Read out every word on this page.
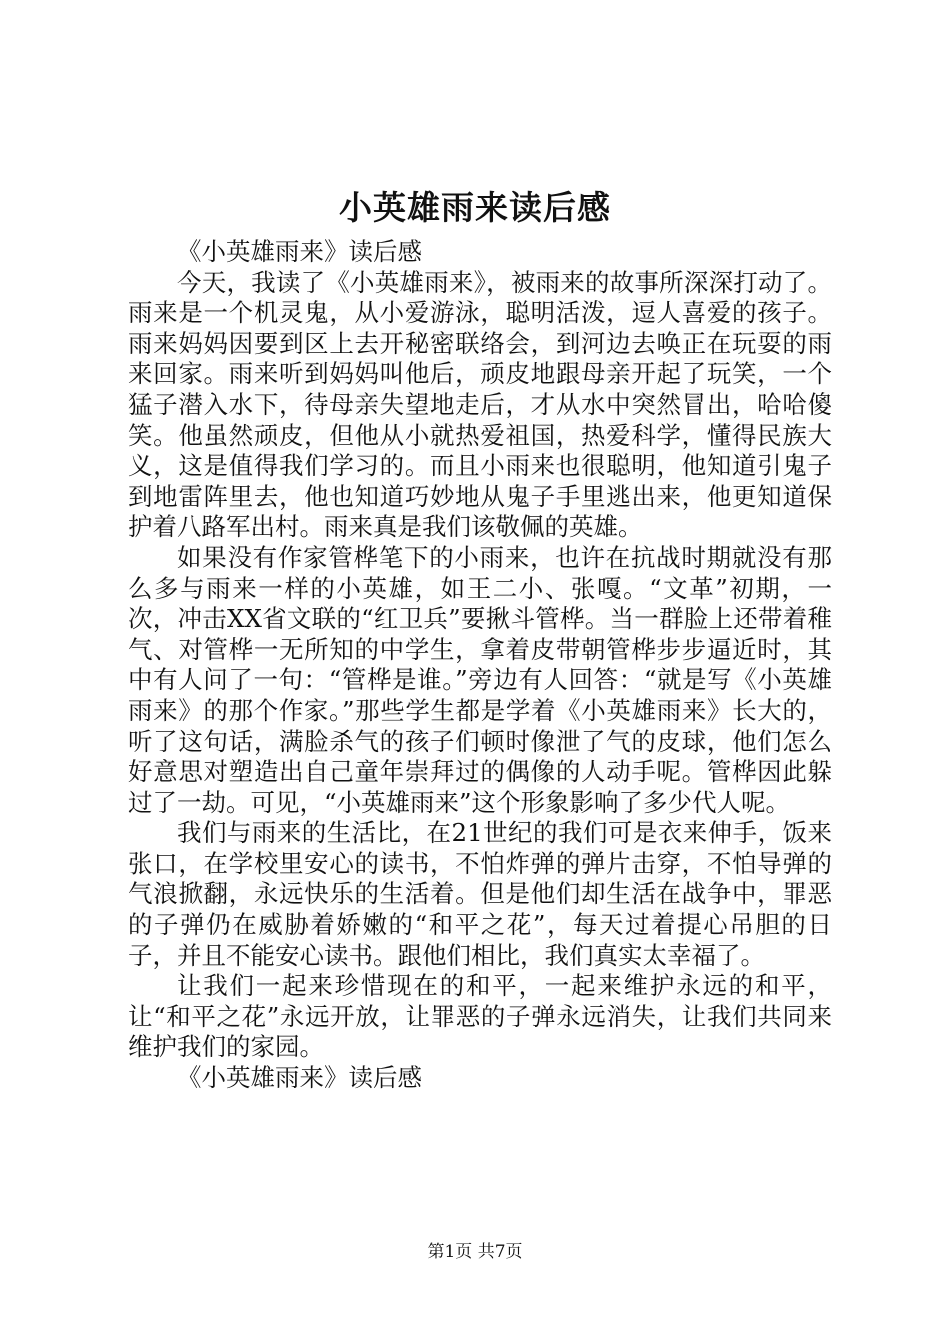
小英雄雨来读后感

《小英雄雨来》读后感

今天，我读了《小英雄雨来》，被雨来的故事所深深打动了。雨来是一个机灵鬼，从小爱游泳，聪明活泼，逗人喜爱的孩子。雨来妈妈因要到区上去开秘密联络会，到河边去唤正在玩耍的雨来回家。雨来听到妈妈叫他后，顽皮地跟母亲开起了玩笑，一个猛子潜入水下，待母亲失望地走后，才从水中突然冒出，哈哈傻笑。他虽然顽皮，但他从小就热爱祖国，热爱科学，懂得民族大义，这是值得我们学习的。而且小雨来也很聪明，他知道引鬼子到地雷阵里去，他也知道巧妙地从鬼子手里逃出来，他更知道保护着八路军出村。雨来真是我们该敬佩的英雄。

如果没有作家管桦笔下的小雨来，也许在抗战时期就没有那么多与雨来一样的小英雄，如王二小、张嘎。“文革”初期，一次，冲击XX省文联的“红卫兵”要揪斗管桦。当一群脸上还带着稚气、对管桦一无所知的中学生，拿着皮带朝管桦步步逼近时，其中有人问了一句：“管桦是谁。”旁边有人回答：“就是写《小英雄雨来》的那个作家。”那些学生都是学着《小英雄雨来》长大的，听了这句话，满脸杀气的孩子们顿时像泄了气的皮球，他们怎么好意思对塑造出自己童年崇拜过的偶像的人动手呢。管桦因此躲过了一劫。可见，“小英雄雨来”这个形象影响了多少代人呢。

我们与雨来的生活比，在21世纪的我们可是衣来伸手，饭来张口，在学校里安心的读书，不怕炸弹的弹片击穿，不怕导弹的气浪掀翻，永远快乐的生活着。但是他们却生活在战争中，罪恶的子弹仍在威胁着娇嫩的“和平之花”，每天过着提心吊胆的日子，并且不能安心读书。跟他们相比，我们真实太幸福了。

让我们一起来珍惜现在的和平，一起来维护永远的和平，让“和平之花”永远开放，让罪恶的子弹永远消失，让我们共同来维护我们的家园。

《小英雄雨来》读后感

第1页 共7页
